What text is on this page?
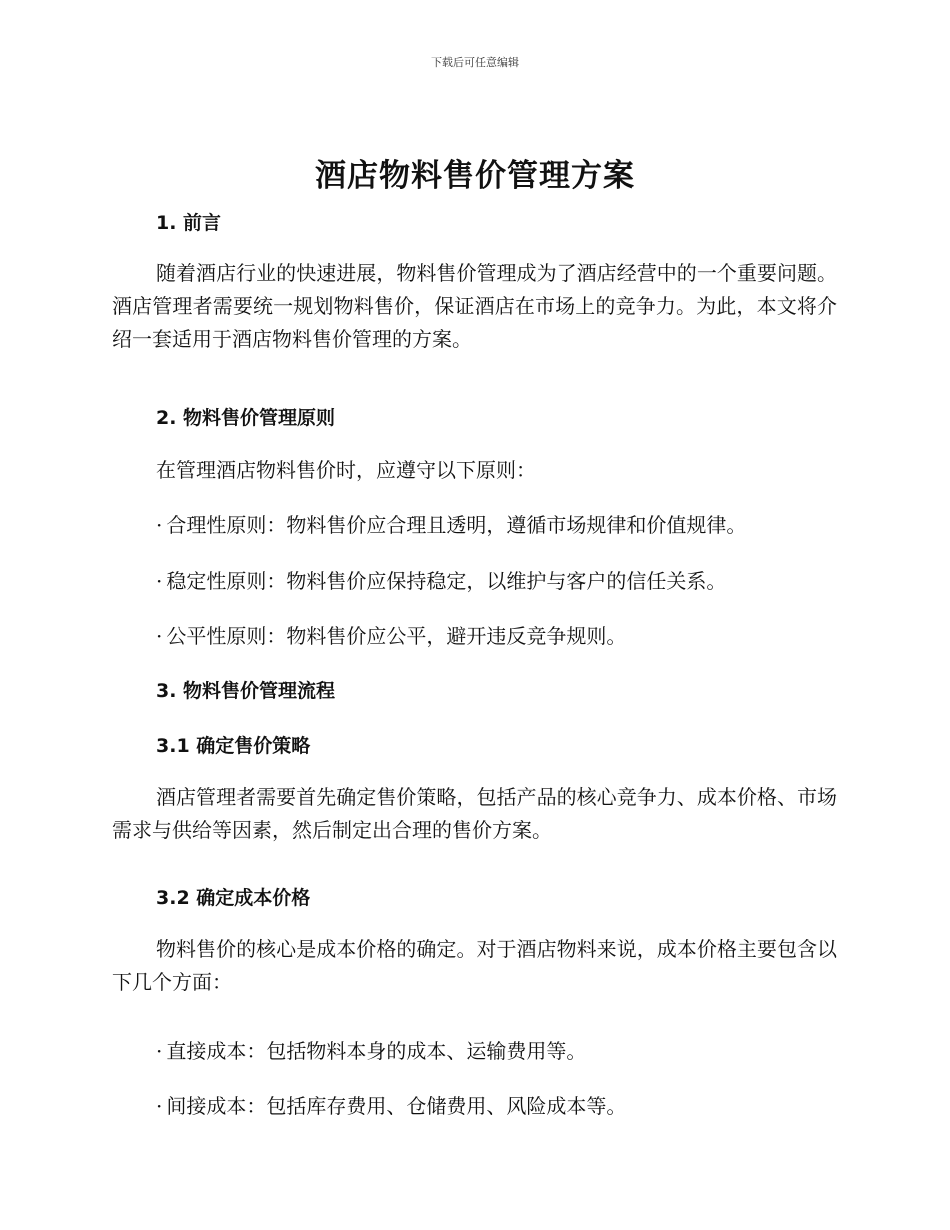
下载后可任意编辑
酒店物料售价管理方案
1. 前言
随着酒店行业的快速进展，物料售价管理成为了酒店经营中的一个重要问题。酒店管理者需要统一规划物料售价，保证酒店在市场上的竞争力。为此，本文将介绍一套适用于酒店物料售价管理的方案。
2. 物料售价管理原则
在管理酒店物料售价时，应遵守以下原则：
· 合理性原则：物料售价应合理且透明，遵循市场规律和价值规律。
· 稳定性原则：物料售价应保持稳定，以维护与客户的信任关系。
· 公平性原则：物料售价应公平，避开违反竞争规则。
3. 物料售价管理流程
3.1 确定售价策略
酒店管理者需要首先确定售价策略，包括产品的核心竞争力、成本价格、市场需求与供给等因素，然后制定出合理的售价方案。
3.2 确定成本价格
物料售价的核心是成本价格的确定。对于酒店物料来说，成本价格主要包含以下几个方面：
· 直接成本：包括物料本身的成本、运输费用等。
· 间接成本：包括库存费用、仓储费用、风险成本等。
